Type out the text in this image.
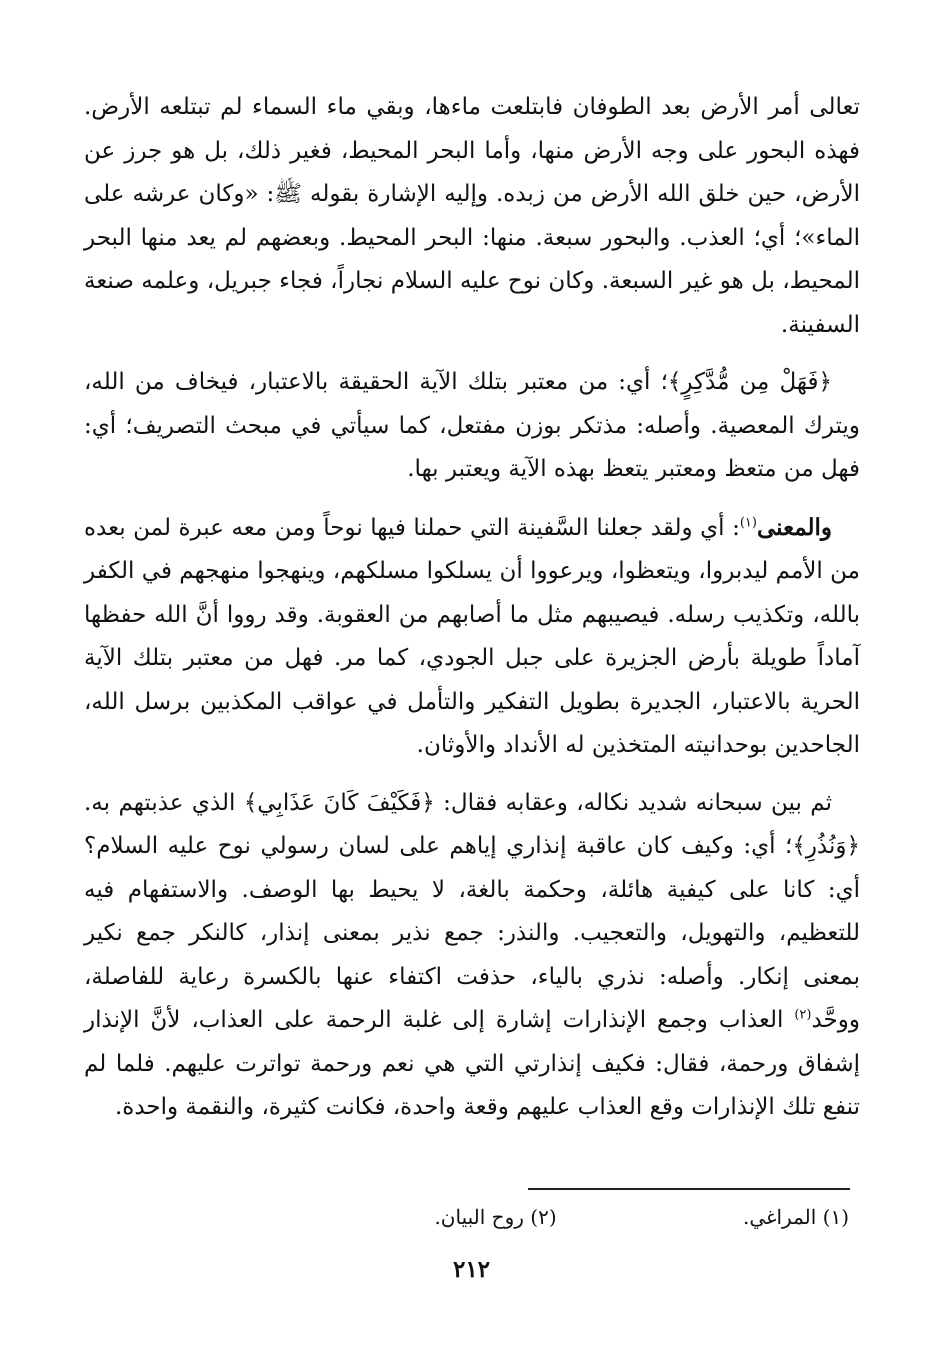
تعالى أمر الأرض بعد الطوفان فابتلعت ماءها، وبقي ماء السماء لم تبتلعه الأرض. فهذه البحور على وجه الأرض منها، وأما البحر المحيط، فغير ذلك، بل هو جرز عن الأرض، حين خلق الله الأرض من زبده. وإليه الإشارة بقوله ﷺ: «وكان عرشه على الماء»؛ أي؛ العذب. والبحور سبعة. منها: البحر المحيط. وبعضهم لم يعد منها البحر المحيط، بل هو غير السبعة. وكان نوح عليه السلام نجاراً، فجاء جبريل، وعلمه صنعة السفينة.

﴿فَهَلْ مِن مُّدَّكِرٍ﴾؛ أي: من معتبر بتلك الآية الحقيقة بالاعتبار، فيخاف من الله، ويترك المعصية. وأصله: مذتكر بوزن مفتعل، كما سيأتي في مبحث التصريف؛ أي: فهل من متعظ ومعتبر يتعظ بهذه الآية ويعتبر بها.

والمعنى$^{(١)}$: أي ولقد جعلنا السَّفينة التي حملنا فيها نوحاً ومن معه عبرة لمن بعده من الأمم ليدبروا، ويتعظوا، ويرعووا أن يسلكوا مسلكهم، وينهجوا منهجهم في الكفر بالله، وتكذيب رسله. فيصيبهم مثل ما أصابهم من العقوبة. وقد رووا أنَّ الله حفظها آماداً طويلة بأرض الجزيرة على جبل الجودي، كما مر. فهل من معتبر بتلك الآية الحرية بالاعتبار، الجديرة بطويل التفكير والتأمل في عواقب المكذبين برسل الله، الجاحدين بوحدانيته المتخذين له الأنداد والأوثان.

ثم بين سبحانه شديد نكاله، وعقابه فقال: ﴿فَكَيْفَ كَانَ عَذَابِي﴾ الذي عذبتهم به. ﴿وَنُذُرِ﴾؛ أي: وكيف كان عاقبة إنذاري إياهم على لسان رسولي نوح عليه السلام؟ أي: كانا على كيفية هائلة، وحكمة بالغة، لا يحيط بها الوصف. والاستفهام فيه للتعظيم، والتهويل، والتعجيب. والنذر: جمع نذير بمعنى إنذار، كالنكر جمع نكير بمعنى إنكار. وأصله: نذري بالياء، حذفت اكتفاء عنها بالكسرة رعاية للفاصلة، ووحَّد$^{(٢)}$ العذاب وجمع الإنذارات إشارة إلى غلبة الرحمة على العذاب، لأنَّ الإنذار إشفاق ورحمة، فقال: فكيف إنذارتي التي هي نعم ورحمة تواترت عليهم. فلما لم تنفع تلك الإنذارات وقع العذاب عليهم وقعة واحدة، فكانت كثيرة، والنقمة واحدة.

(١) المراغي. (٢) روح البيان.
٢١٢
